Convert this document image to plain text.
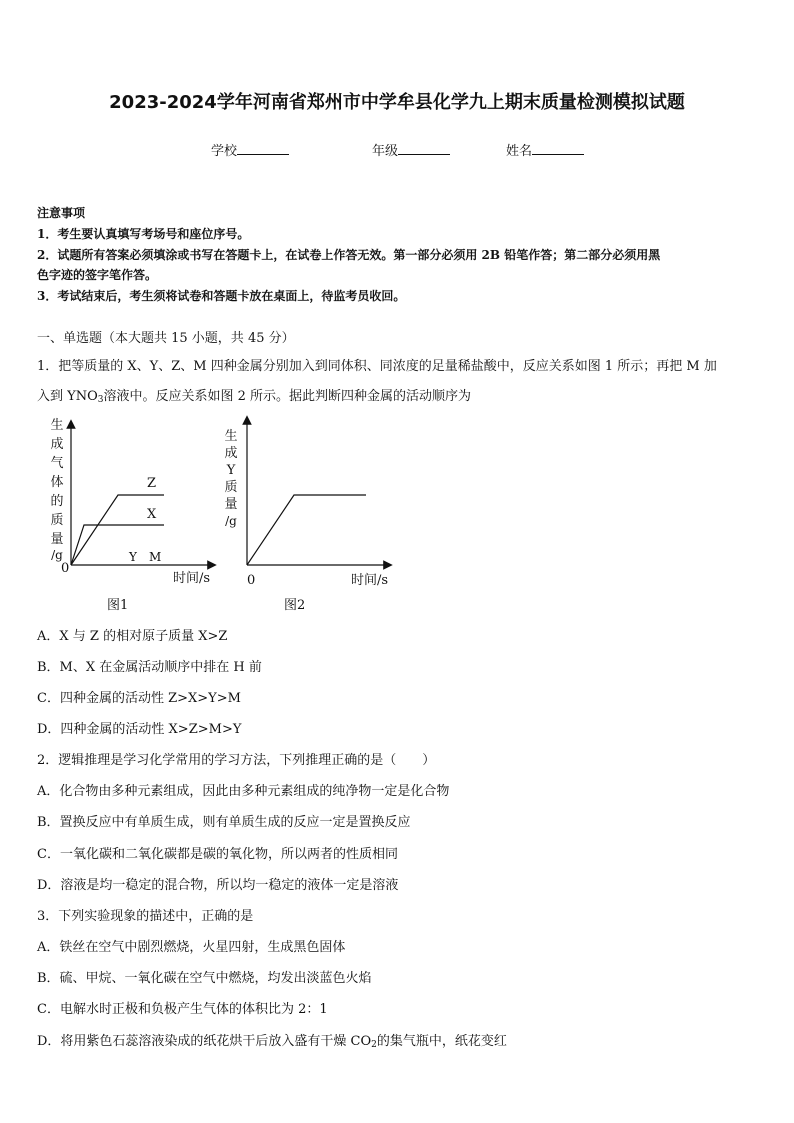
2023-2024学年河南省郑州市中学牟县化学九上期末质量检测模拟试题
学校	年级	姓名
注意事项
1．考生要认真填写考场号和座位序号。
2．试题所有答案必须填涂或书写在答题卡上，在试卷上作答无效。第一部分必须用 2B 铅笔作答；第二部分必须用黑
色字迹的签字笔作答。
3．考试结束后，考生须将试卷和答题卡放在桌面上，待监考员收回。
一、单选题（本大题共 15 小题，共 45 分）
1．把等质量的 X、Y、Z、M 四种金属分别加入到同体积、同浓度的足量稀盐酸中，反应关系如图 1 所示；再把 M 加
入到 $YNO_3$溶液中。反应关系如图 2 所示。据此判断四种金属的活动顺序为
生
成
气
体
的
质
量
/g
0
时间/s
Z
X
Y M
图1
生
成
Y
质
量
/g
0	时间/s
图2
A．X 与 Z 的相对原子质量 X>Z
B．M、X 在金属活动顺序中排在 H 前
C．四种金属的活动性 Z>X>Y>M
D．四种金属的活动性 X>Z>M>Y
2．逻辑推理是学习化学常用的学习方法，下列推理正确的是（　　）
A．化合物由多种元素组成，因此由多种元素组成的纯净物一定是化合物
B．置换反应中有单质生成，则有单质生成的反应一定是置换反应
C．一氧化碳和二氧化碳都是碳的氧化物，所以两者的性质相同
D．溶液是均一稳定的混合物，所以均一稳定的液体一定是溶液
3．下列实验现象的描述中，正确的是
A．铁丝在空气中剧烈燃烧，火星四射，生成黑色固体
B．硫、甲烷、一氧化碳在空气中燃烧，均发出淡蓝色火焰
C．电解水时正极和负极产生气体的体积比为 2：1
D．将用紫色石蕊溶液染成的纸花烘干后放入盛有干燥 $CO_2$的集气瓶中，纸花变红
